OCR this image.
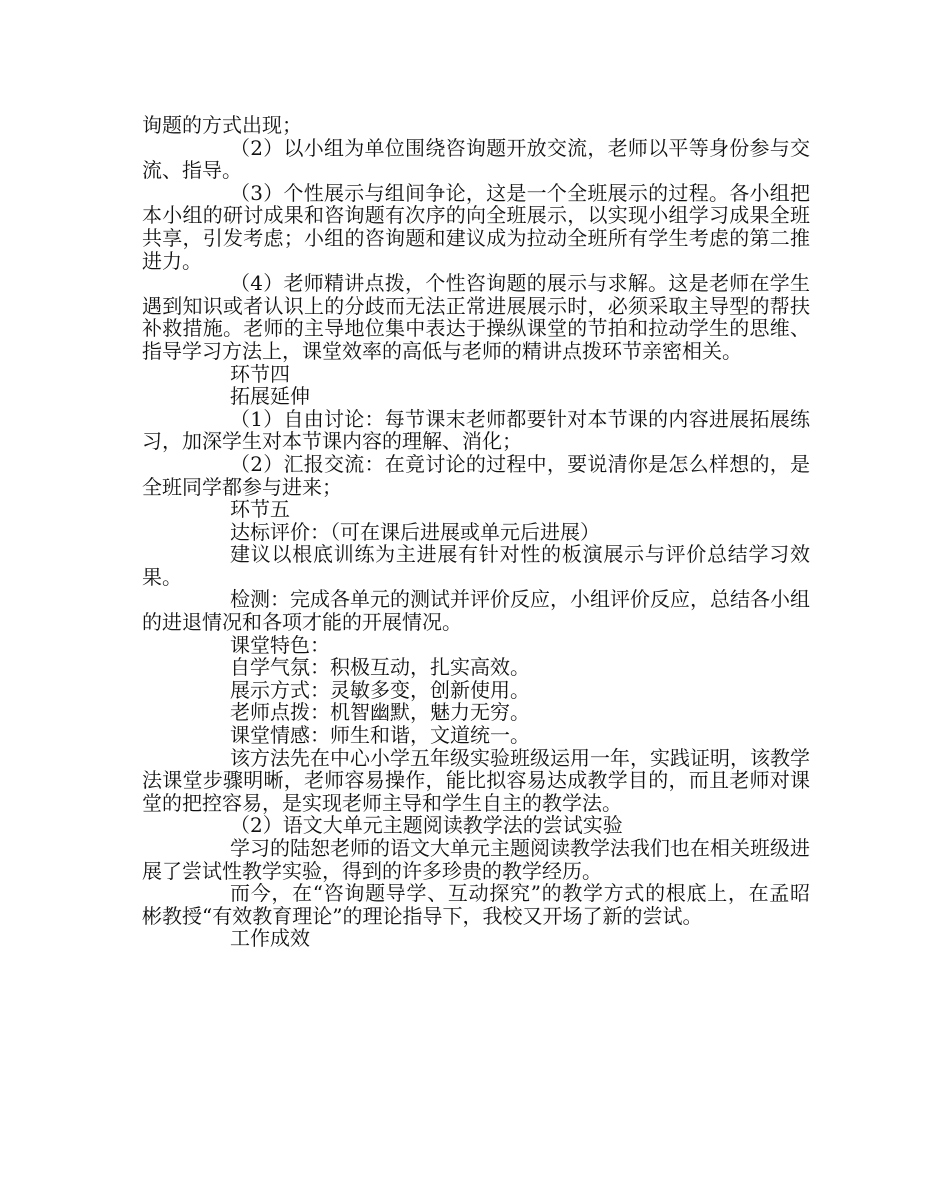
询题的方式出现；

（2）以小组为单位围绕咨询题开放交流，老师以平等身份参与交流、指导。

（3）个性展示与组间争论，这是一个全班展示的过程。各小组把本小组的研讨成果和咨询题有次序的向全班展示，以实现小组学习成果全班共享，引发考虑；小组的咨询题和建议成为拉动全班所有学生考虑的第二推进力。

（4）老师精讲点拨，个性咨询题的展示与求解。这是老师在学生遇到知识或者认识上的分歧而无法正常进展展示时，必须采取主导型的帮扶补救措施。老师的主导地位集中表达于操纵课堂的节拍和拉动学生的思维、指导学习方法上，课堂效率的高低与老师的精讲点拨环节亲密相关。

环节四

拓展延伸

（1）自由讨论：每节课末老师都要针对本节课的内容进展拓展练习，加深学生对本节课内容的理解、消化；

（2）汇报交流：在竟讨论的过程中，要说清你是怎么样想的，是全班同学都参与进来；

环节五

达标评价：（可在课后进展或单元后进展）

建议以根底训练为主进展有针对性的板演展示与评价总结学习效果。

检测：完成各单元的测试并评价反应，小组评价反应，总结各小组的进退情况和各项才能的开展情况。

课堂特色：

自学气氛：积极互动，扎实高效。

展示方式：灵敏多变，创新使用。

老师点拨：机智幽默，魅力无穷。

课堂情感：师生和谐，文道统一。

该方法先在中心小学五年级实验班级运用一年，实践证明，该教学法课堂步骤明晰，老师容易操作，能比拟容易达成教学目的，而且老师对课堂的把控容易，是实现老师主导和学生自主的教学法。

（2）语文大单元主题阅读教学法的尝试实验

学习的陆恕老师的语文大单元主题阅读教学法我们也在相关班级进展了尝试性教学实验，得到的许多珍贵的教学经历。

而今，在“咨询题导学、互动探究”的教学方式的根底上，在孟昭彬教授“有效教育理论”的理论指导下，我校又开场了新的尝试。

工作成效
